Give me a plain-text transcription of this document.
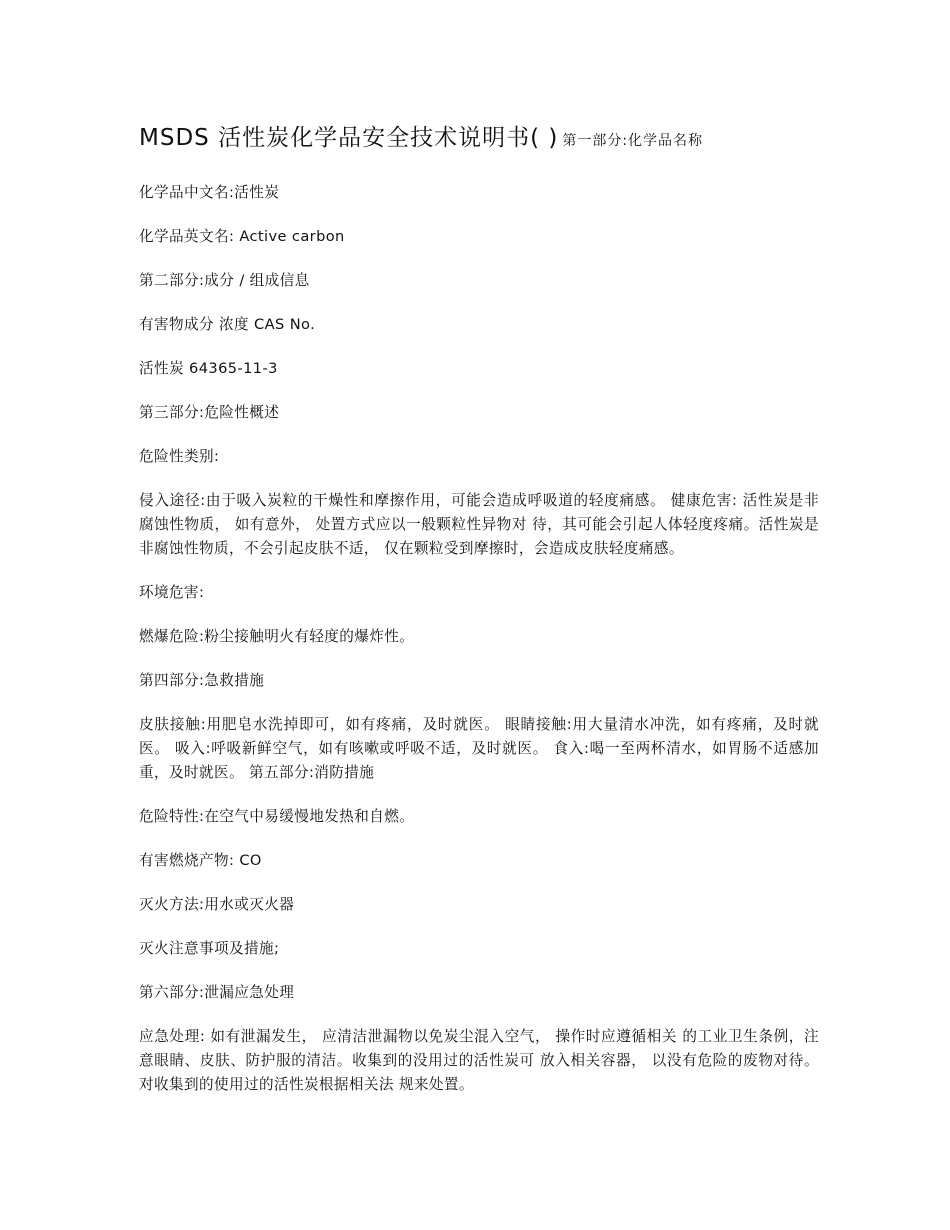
MSDS 活性炭化学品安全技术说明书( ) 第一部分:化学品名称

化学品中文名:活性炭

化学品英文名: Active carbon

第二部分:成分 / 组成信息

有害物成分 浓度 CAS No.

活性炭 64365-11-3

第三部分:危险性概述

危险性类别:

侵入途径:由于吸入炭粒的干燥性和摩擦作用，可能会造成呼吸道的轻度痛感。 健康危害: 活性炭是非腐蚀性物质， 如有意外， 处置方式应以一般颗粒性异物对 待，其可能会引起人体轻度疼痛。活性炭是非腐蚀性物质，不会引起皮肤不适， 仅在颗粒受到摩擦时，会造成皮肤轻度痛感。

环境危害:

燃爆危险:粉尘接触明火有轻度的爆炸性。

第四部分:急救措施

皮肤接触:用肥皂水洗掉即可，如有疼痛，及时就医。 眼睛接触:用大量清水冲洗，如有疼痛，及时就医。 吸入:呼吸新鲜空气，如有咳嗽或呼吸不适，及时就医。 食入:喝一至两杯清水，如胃肠不适感加重，及时就医。 第五部分:消防措施

危险特性:在空气中易缓慢地发热和自燃。

有害燃烧产物: CO

灭火方法:用水或灭火器

灭火注意事项及措施;

第六部分:泄漏应急处理

应急处理: 如有泄漏发生， 应清洁泄漏物以免炭尘混入空气， 操作时应遵循相关 的工业卫生条例，注意眼睛、皮肤、防护服的清洁。收集到的没用过的活性炭可 放入相关容器， 以没有危险的废物对待。 对收集到的使用过的活性炭根据相关法 规来处置。
